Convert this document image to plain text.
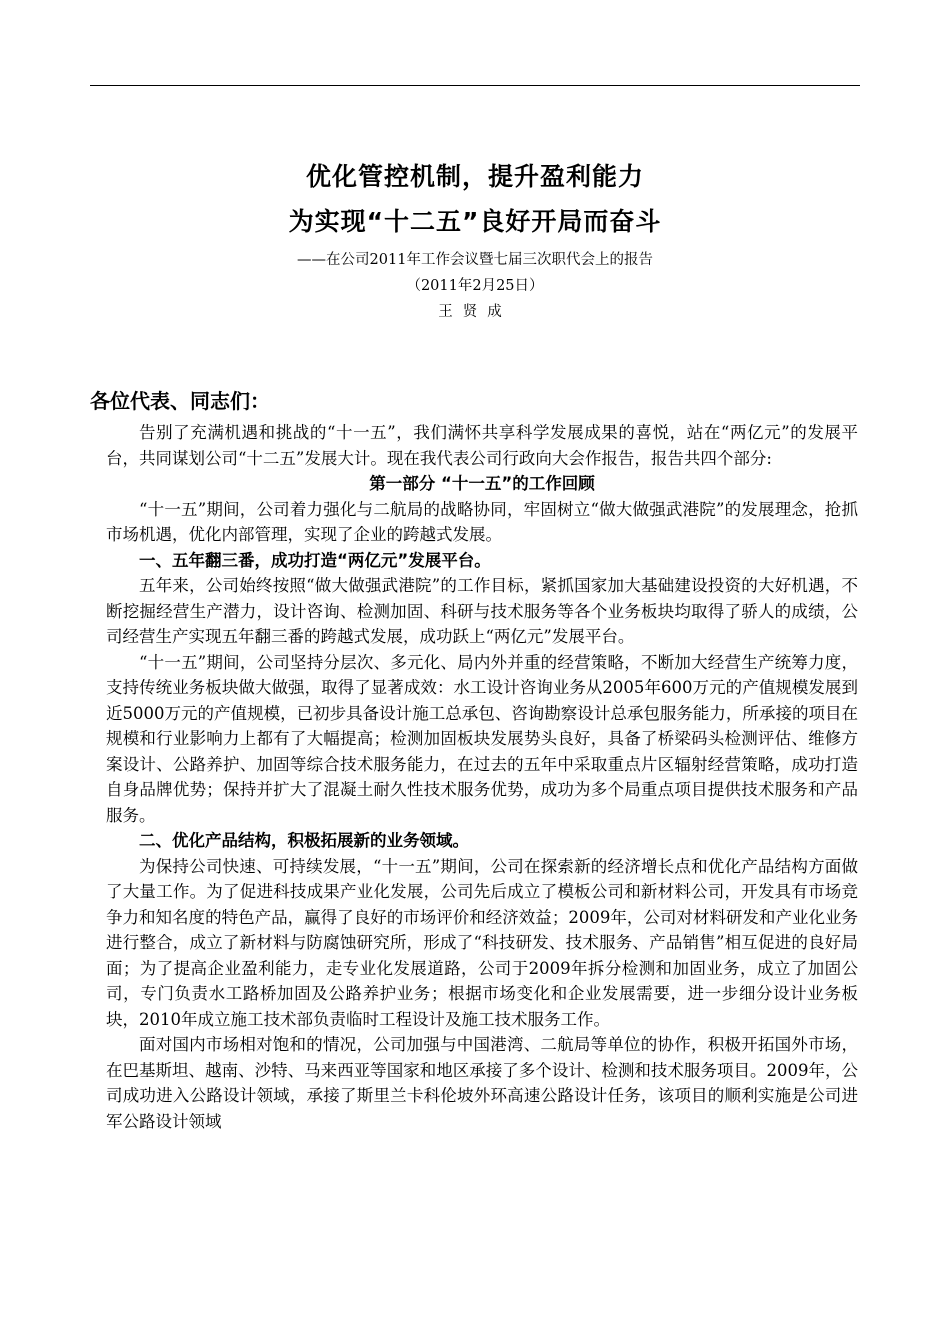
优化管控机制，提升盈利能力
为实现“十二五”良好开局而奋斗
——在公司2011年工作会议暨七届三次职代会上的报告
（2011年2月25日）
王贤成
各位代表、同志们：

告别了充满机遇和挑战的“十一五”，我们满怀共享科学发展成果的喜悦，站在“两亿元”的发展平台，共同谋划公司“十二五”发展大计。现在我代表公司行政向大会作报告，报告共四个部分:

第一部分 “十一五”的工作回顾

“十一五”期间，公司着力强化与二航局的战略协同，牢固树立“做大做强武港院”的发展理念，抢抓市场机遇，优化内部管理，实现了企业的跨越式发展。

一、五年翻三番，成功打造“两亿元”发展平台。

五年来，公司始终按照“做大做强武港院”的工作目标，紧抓国家加大基础建设投资的大好机遇，不断挖掘经营生产潜力，设计咨询、检测加固、科研与技术服务等各个业务板块均取得了骄人的成绩，公司经营生产实现五年翻三番的跨越式发展，成功跃上“两亿元”发展平台。

“十一五”期间，公司坚持分层次、多元化、局内外并重的经营策略，不断加大经营生产统筹力度，支持传统业务板块做大做强，取得了显著成效：水工设计咨询业务从2005年600万元的产值规模发展到近5000万元的产值规模，已初步具备设计施工总承包、咨询勘察设计总承包服务能力，所承接的项目在规模和行业影响力上都有了大幅提高；检测加固板块发展势头良好，具备了桥梁码头检测评估、维修方案设计、公路养护、加固等综合技术服务能力，在过去的五年中采取重点片区辐射经营策略，成功打造自身品牌优势；保持并扩大了混凝土耐久性技术服务优势，成功为多个局重点项目提供技术服务和产品服务。

二、优化产品结构，积极拓展新的业务领域。

为保持公司快速、可持续发展，“十一五”期间，公司在探索新的经济增长点和优化产品结构方面做了大量工作。为了促进科技成果产业化发展，公司先后成立了模板公司和新材料公司，开发具有市场竞争力和知名度的特色产品，赢得了良好的市场评价和经济效益；2009年，公司对材料研发和产业化业务进行整合，成立了新材料与防腐蚀研究所，形成了“科技研发、技术服务、产品销售”相互促进的良好局面；为了提高企业盈利能力，走专业化发展道路，公司于2009年拆分检测和加固业务，成立了加固公司，专门负责水工路桥加固及公路养护业务；根据市场变化和企业发展需要，进一步细分设计业务板块，2010年成立施工技术部负责临时工程设计及施工技术服务工作。

面对国内市场相对饱和的情况，公司加强与中国港湾、二航局等单位的协作，积极开拓国外市场，在巴基斯坦、越南、沙特、马来西亚等国家和地区承接了多个设计、检测和技术服务项目。2009年，公司成功进入公路设计领域，承接了斯里兰卡科伦坡外环高速公路设计任务，该项目的顺利实施是公司进军公路设计领域
